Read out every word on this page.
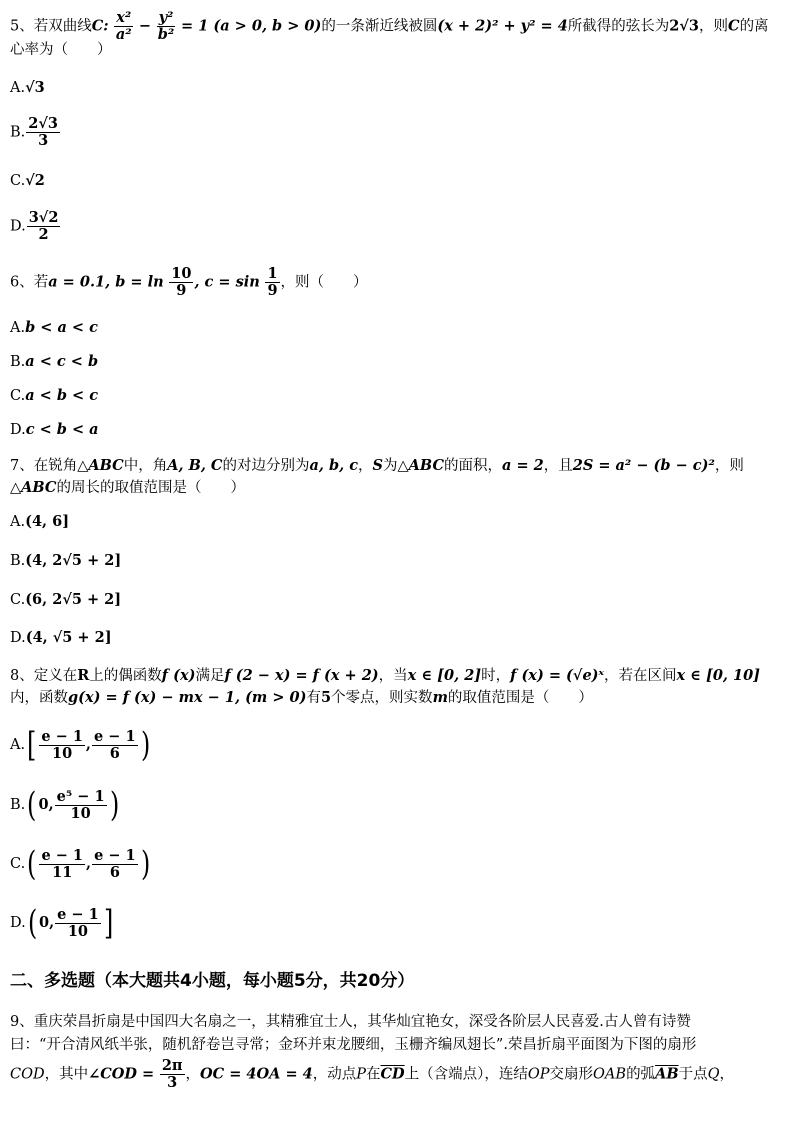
5、若双曲线C: $\frac{\text{x²}}{\text{a²}} - \frac{\text{y²}}{\text{b²}} = 1$ (a > 0, b > 0)的一条渐近线被圆(x + 2)² + y² = 4所截得的弦长为2√3，则C的离
心率为（　　）
A.√3
B. $\frac{2√3}{3}$
C.√2
D. $\frac{3√2}{2}$
6、若a = 0.1, $b = \ln \frac{10}{9}$ , $c = \sin \frac{1}{9}$ ，则（　　）
A.b < a < c
B.a < c < b
C.a < b < c
D.c < b < a
7、在锐角△ABC中，角A, B, C的对边分别为a, b, c，S为△ABC的面积，a = 2，且2S = a² − (b − c)²，则
△ABC的周长的取值范围是（　　）
A.(4, 6]
B.(4, 2√5 + 2]
C.(6, 2√5 + 2]
D.(4, √5 + 2]
8、定义在R上的偶函数f (x)满足f (2 − x) = f (x + 2)，当x ∈ [0, 2]时，f (x) = (√e)ˣ，若在区间x ∈ [0, 10]
内，函数g(x) = f (x) − mx − 1, (m > 0)有5个零点，则实数m的取值范围是（　　）
$A.[ \frac{e - 1}{10}$ , $\frac{e - 1}{6}$ )
B.( 0, $\frac{\text{e⁵ − 1}}{10}$ )
$C.( \frac{e - 1}{11}$ , $\frac{e - 1}{6}$ )
D.( 0, $\frac{e - 1}{10}$ ]
二、多选题（本大题共4小题，每小题5分，共20分）
9、重庆荣昌折扇是中国四大名扇之一，其精雅宜士人，其华灿宜艳女，深受各阶层人民喜爱.古人曾有诗赞
曰：“开合清风纸半张，随机舒卷岂寻常；金环并束龙腰细，玉栅齐编凤翅长”.荣昌折扇平面图为下图的扇形
COD，其中∠COD = $\frac{2\pi}{3}$ ，OC = 4OA = 4，动点P在$\overline{CD}$上（含端点），连结OP交扇形OAB的弧$\overline{AB}$于点Q，
